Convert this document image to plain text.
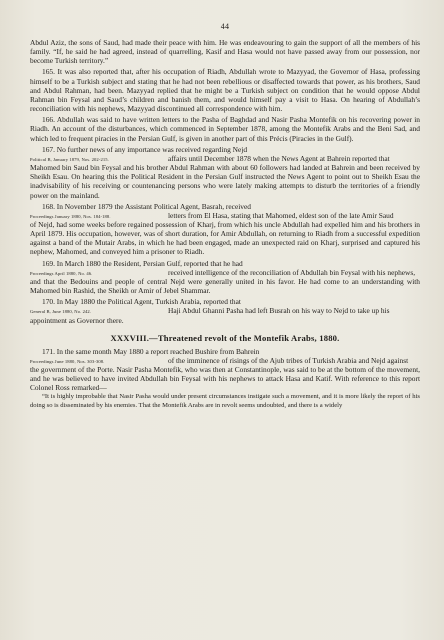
44

Abdul Aziz, the sons of Saud, had made their peace with him. He was endeavouring to gain the support of all the members of his family. “If, he said he had agreed, instead of quarrelling, Kasif and Hasa would not have passed away from our possession, nor become Turkish territory.”

165. It was also reported that, after his occupation of Riadh, Abdullah wrote to Mazyyad, the Governor of Hasa, professing himself to be a Turkish subject and stating that he had not been rebellious or disaffected towards that power, as his brothers, Saud and Abdul Rahman, had been. Mazyyad replied that he might be a Turkish subject on condition that he would oppose Abdul Rahman bin Feysal and Saud’s children and banish them, and would himself pay a visit to Hasa. On hearing of Abdullah’s reconciliation with his nephews, Mazyyad discontinued all correspondence with him.

166. Abdullah was said to have written letters to the Pasha of Baghdad and Nasir Pasha Montefik on his recovering power in Riadh. An account of the disturbances, which commenced in September 1878, among the Montefik Arabs and the Beni Sad, and which led to frequent piracies in the Persian Gulf, is given in another part of this Précis (Piracies in the Gulf).

167. No further news of any importance was received regarding Nejd

Political B, January 1879, Nos. 202-215.	affairs until December 1878 when the News Agent at Bahrein reported that

Mahomed bin Saud bin Feysal and his brother Abdul Rahman with about 60 followers had landed at Bahrein and been received by Sheikh Esau. On hearing this the Political Resident in the Persian Gulf instructed the News Agent to point out to Sheikh Esau the inadvisability of his receiving or countenancing persons who were lately making attempts to disturb the territories of a friendly power on the mainland.

168. In November 1879 the Assistant Political Agent, Basrah, received

Proceedings January 1880, Nos. 184-188.	letters from El Hasa, stating that Mahomed, eldest son of the late Amir Saud

of Nejd, had some weeks before regained possession of Kharj, from which his uncle Abdullah had expelled him and his brothers in April 1879. His occupation, however, was of short duration, for Amir Abdullah, on returning to Riadh from a successful expedition against a band of the Mutair Arabs, in which he had been engaged, made an unexpected raid on Kharj, surprised and captured his nephew, Mahomed, and conveyed him a prisoner to Riadh.

169. In March 1880 the Resident, Persian Gulf, reported that he had

Proceedings April 1880, No. 46.	received intelligence of the reconciliation of Abdullah bin Feysal with his nephews,

and that the Bedouins and people of central Nejd were generally united in his favor. He had come to an understanding with Mahomed bin Rashid, the Sheikh or Amir of Jebel Shammar.

170. In May 1880 the Political Agent, Turkish Arabia, reported that

General B, June 1880, No. 242.	Haji Abdul Ghanni Pasha had left Busrah on his way to Nejd to take up his

appointment as Governor there.

XXXVIII.—Threatened revolt of the Montefik Arabs, 1880.

171. In the same month May 1880 a report reached Bushire from Bahrein

Proceedings June 1880, Nos. 303-308.	of the imminence of risings of the Ajub tribes of Turkish Arabia and Nejd against

the government of the Porte. Nasir Pasha Montefik, who was then at Constantinople, was said to be at the bottom of the movement, and he was believed to have invited Abdullah bin Feysal with his nephews to attack Hasa and Katif. With reference to this report Colonel Ross remarked—

“It is highly improbable that Nasir Pasha would under present circumstances instigate such a movement, and it is more likely the report of his doing so is disseminated by his enemies. That the Montefik Arabs are in revolt seems undoubted, and there is a widely
